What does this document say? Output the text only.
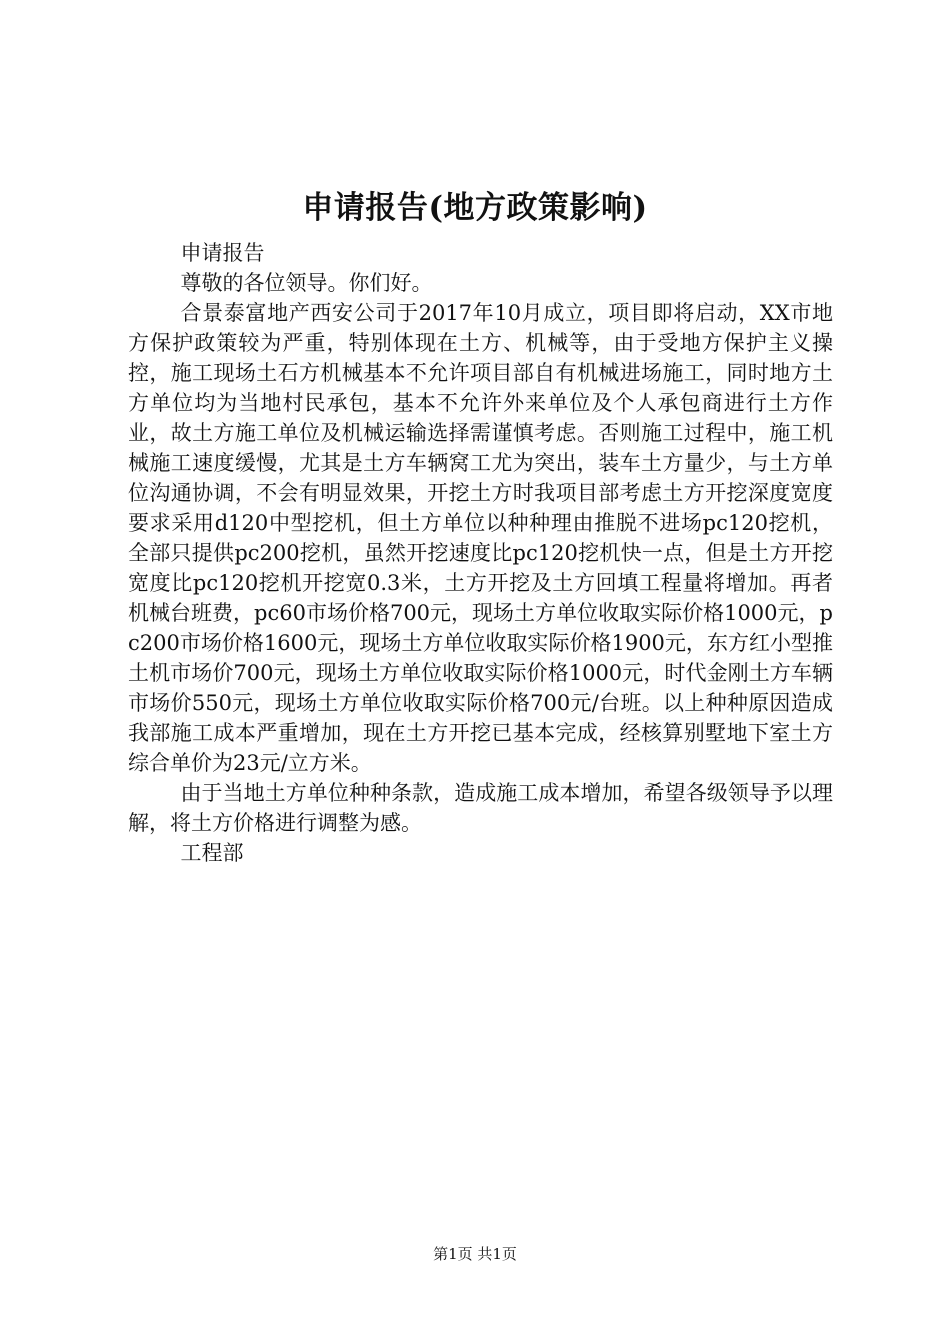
申请报告(地方政策影响)

申请报告

尊敬的各位领导。你们好。

合景泰富地产西安公司于2017年10月成立，项目即将启动，XX市地方保护政策较为严重，特别体现在土方、机械等，由于受地方保护主义操控，施工现场土石方机械基本不允许项目部自有机械进场施工，同时地方土方单位均为当地村民承包，基本不允许外来单位及个人承包商进行土方作业，故土方施工单位及机械运输选择需谨慎考虑。否则施工过程中，施工机械施工速度缓慢，尤其是土方车辆窝工尤为突出，装车土方量少，与土方单位沟通协调，不会有明显效果，开挖土方时我项目部考虑土方开挖深度宽度要求采用d120中型挖机，但土方单位以种种理由推脱不进场pc120挖机，全部只提供pc200挖机，虽然开挖速度比pc120挖机快一点，但是土方开挖宽度比pc120挖机开挖宽0.3米，土方开挖及土方回填工程量将增加。再者机械台班费，pc60市场价格700元，现场土方单位收取实际价格1000元，pc200市场价格1600元，现场土方单位收取实际价格1900元，东方红小型推土机市场价700元，现场土方单位收取实际价格1000元，时代金刚土方车辆市场价550元，现场土方单位收取实际价格700元/台班。以上种种原因造成我部施工成本严重增加，现在土方开挖已基本完成，经核算别墅地下室土方综合单价为23元/立方米。

由于当地土方单位种种条款，造成施工成本增加，希望各级领导予以理解，将土方价格进行调整为感。

工程部

第1页 共1页
